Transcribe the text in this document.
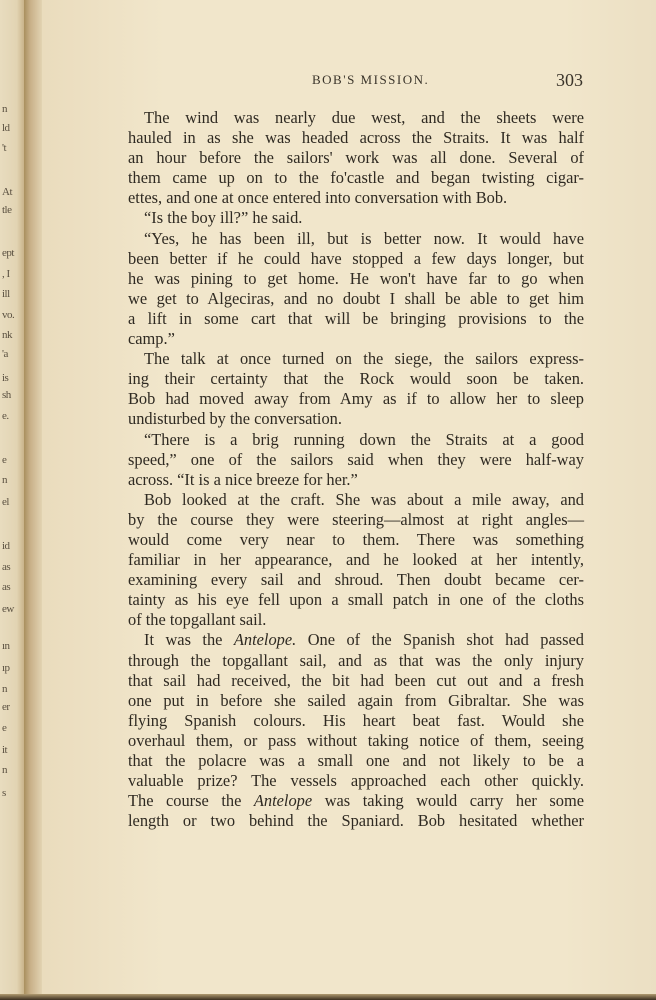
n
ld
't
At
tle
ept
, I
ill
vo.
nk
'a
is
sh
e.
e
n
el
id
as
as
ew
ın
ıp
n
er
e
it
n
s
BOB'S MISSION.	303
The wind was nearly due west, and the sheets were
hauled in as she was headed across the Straits. It was half
an hour before the sailors' work was all done. Several of
them came up on to the fo'castle and began twisting cigar-
ettes, and one at once entered into conversation with Bob.
“Is the boy ill?” he said.
“Yes, he has been ill, but is better now. It would have
been better if he could have stopped a few days longer, but
he was pining to get home. He won't have far to go when
we get to Algeciras, and no doubt I shall be able to get him
a lift in some cart that will be bringing provisions to the
camp.”
The talk at once turned on the siege, the sailors express-
ing their certainty that the Rock would soon be taken.
Bob had moved away from Amy as if to allow her to sleep
undisturbed by the conversation.
“There is a brig running down the Straits at a good
speed,” one of the sailors said when they were half-way
across. “It is a nice breeze for her.”
Bob looked at the craft. She was about a mile away, and
by the course they were steering—almost at right angles—
would come very near to them. There was something
familiar in her appearance, and he looked at her intently,
examining every sail and shroud. Then doubt became cer-
tainty as his eye fell upon a small patch in one of the cloths
of the topgallant sail.
It was the Antelope. One of the Spanish shot had passed
through the topgallant sail, and as that was the only injury
that sail had received, the bit had been cut out and a fresh
one put in before she sailed again from Gibraltar. She was
flying Spanish colours. His heart beat fast. Would she
overhaul them, or pass without taking notice of them, seeing
that the polacre was a small one and not likely to be a
valuable prize? The vessels approached each other quickly.
The course the Antelope was taking would carry her some
length or two behind the Spaniard. Bob hesitated whether
